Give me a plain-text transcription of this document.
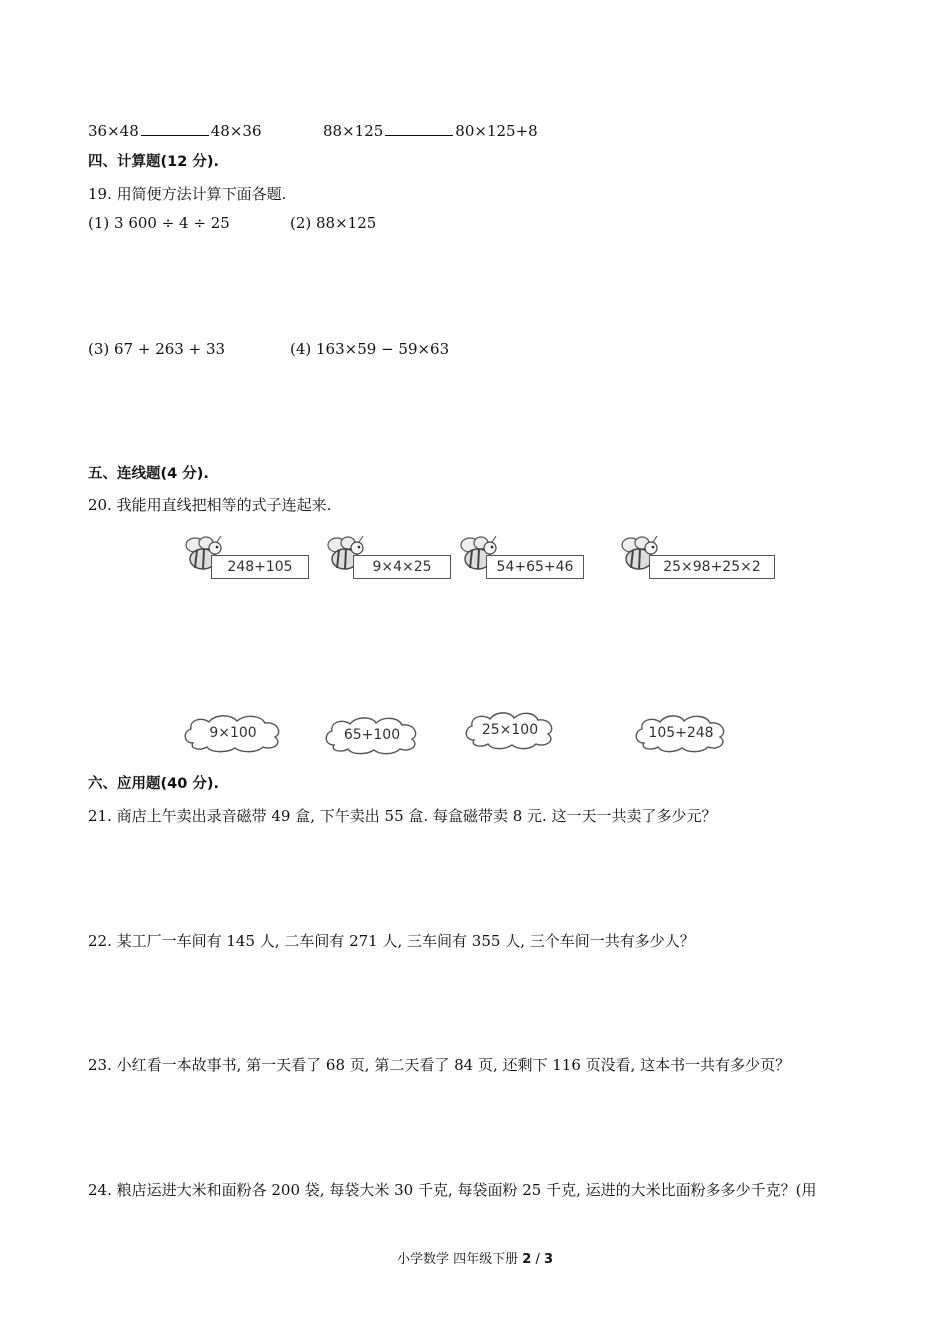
36×48	48×36	88×125	80×125+8
四、计算题(12 分).
19. 用简便方法计算下面各题.
(1) 3 600 ÷ 4 ÷ 25	(2) 88×125
(3) 67 + 263 + 33	(4) 163×59 − 59×63
五、连线题(4 分).
20. 我能用直线把相等的式子连起来.
248+105	9×4×25	54+65+46	25×98+25×2
9×100	65+100	25×100	105+248
六、应用题(40 分).
21. 商店上午卖出录音磁带 49 盒, 下午卖出 55 盒. 每盒磁带卖 8 元. 这一天一共卖了多少元？
22. 某工厂一车间有 145 人, 二车间有 271 人, 三车间有 355 人, 三个车间一共有多少人？
23. 小红看一本故事书, 第一天看了 68 页, 第二天看了 84 页, 还剩下 116 页没看, 这本书一共有多少页？
24. 粮店运进大米和面粉各 200 袋, 每袋大米 30 千克, 每袋面粉 25 千克, 运进的大米比面粉多多少千克？(用
小学数学 四年级下册 2 / 3
